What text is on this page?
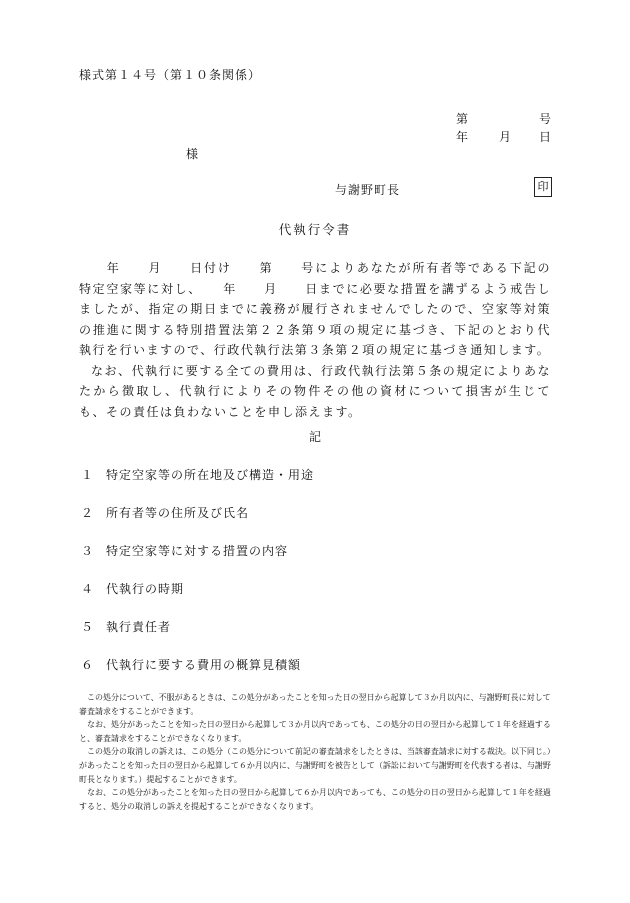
様式第１４号（第１０条関係）
第	号
年	月 日
様
与謝野町長	印
代執行令書

　　年　　月　　日付け　　第　　号によりあなたが所有者等である下記の特定空家等に対し、　　年　　月　　日までに必要な措置を講ずるよう戒告しましたが、指定の期日までに義務が履行されませんでしたので、空家等対策の推進に関する特別措置法第２２条第９項の規定に基づき、下記のとおり代執行を行いますので、行政代執行法第３条第２項の規定に基づき通知します。

なお、代執行に要する全ての費用は、行政代執行法第５条の規定によりあなたから徴取し、代執行によりその物件その他の資材について損害が生じても、その責任は負わないことを申し添えます。

記
１ 特定空家等の所在地及び構造・用途
２ 所有者等の住所及び氏名
３ 特定空家等に対する措置の内容
４ 代執行の時期
５ 執行責任者
６ 代執行に要する費用の概算見積額

この処分について、不服があるときは、この処分があったことを知った日の翌日から起算して３か月以内に、与謝野町長に対して審査請求をすることができます。

なお、処分があったことを知った日の翌日から起算して３か月以内であっても、この処分の日の翌日から起算して１年を経過すると、審査請求をすることができなくなります。

この処分の取消しの訴えは、この処分（この処分について前記の審査請求をしたときは、当該審査請求に対する裁決。以下同じ。）があったことを知った日の翌日から起算して６か月以内に、与謝野町を被告として（訴訟において与謝野町を代表する者は、与謝野町長となります。）提起することができます。

なお、この処分があったことを知った日の翌日から起算して６か月以内であっても、この処分の日の翌日から起算して１年を経過すると、処分の取消しの訴えを提起することができなくなります。
